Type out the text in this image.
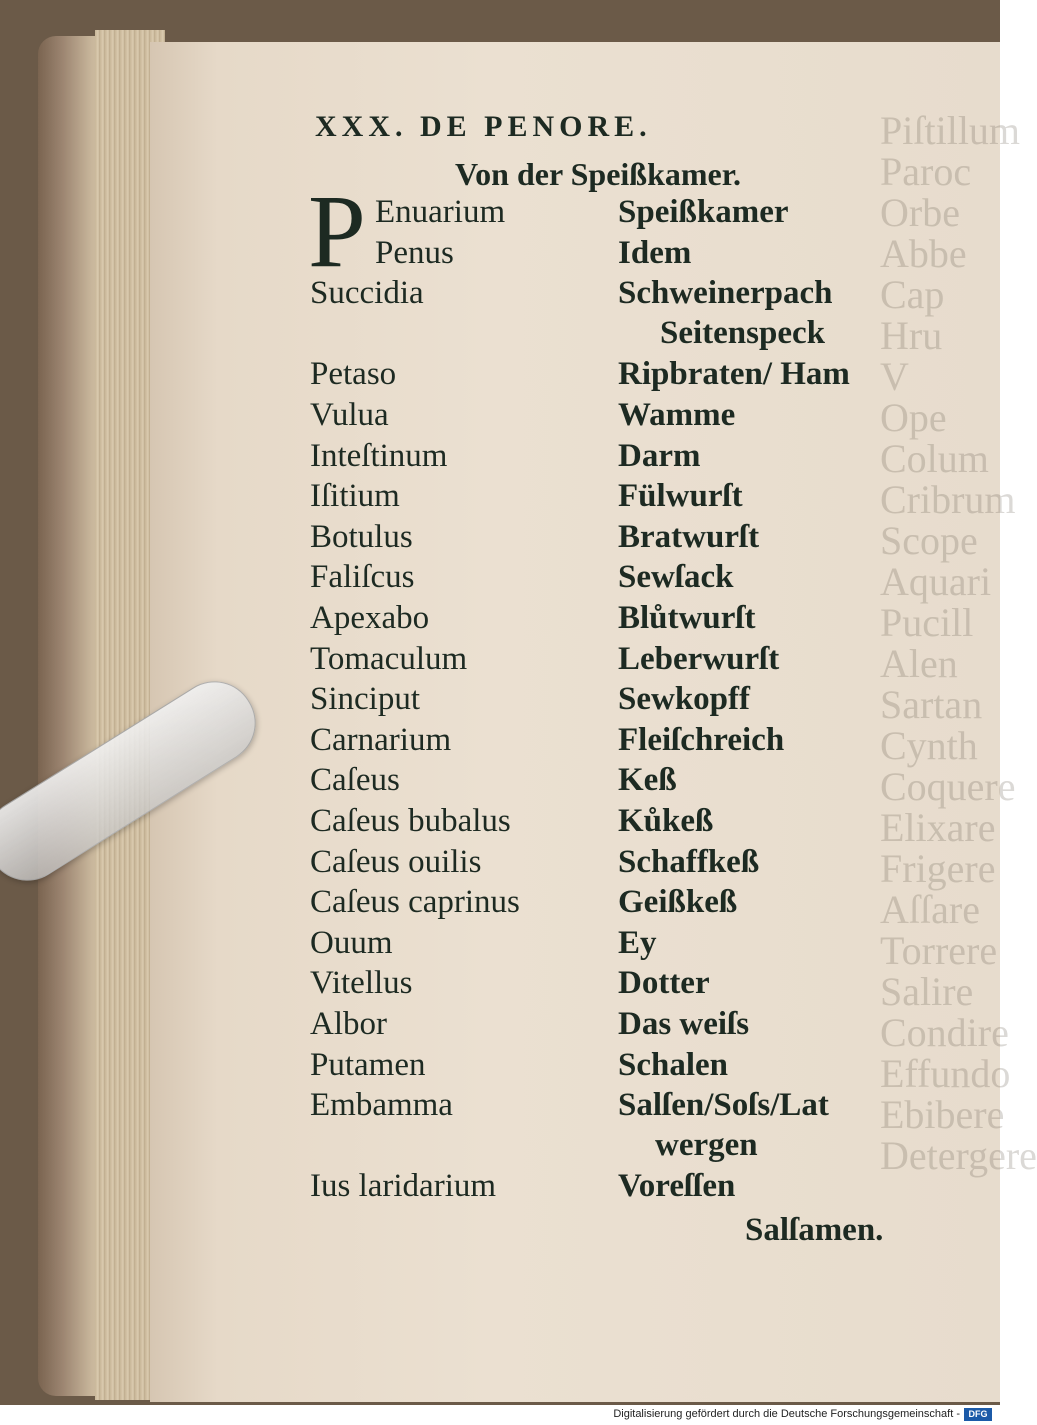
Piſtillum
Paroc
Orbe
Abbe
Cap
Hru
V
Ope
Colum
Cribrum
Scope
Aquari
Pucill
Alen
Sartan
Cynth
Coquere
Elixare
Frigere
Aſſare
Torrere
Salire
Condire
Effundo
Ebibere
Detergere
XXX. DE PENORE.
Von der Speißkamer.
P Enuarium	Speißkamer
Penus	Idem
Succidia	Schweinerpach
Seitenspeck
Petaso	Ripbraten/ Ham
Vulua	Wamme
Inteſtinum	Darm
Iſitium	Fülwurſt
Botulus	Bratwurſt
Faliſcus	Sewſack
Apexabo	Blůtwurſt
Tomaculum	Leberwurſt
Sinciput	Sewkopff
Carnarium	Fleiſchreich
Caſeus	Keß
Caſeus bubalus	Kůkeß
Caſeus ouilis	Schaffkeß
Caſeus caprinus	Geißkeß
Ouum	Ey
Vitellus	Dotter
Albor	Das weiſs
Putamen	Schalen
Embamma	Salſen/Soſs/Lat
wergen
Ius laridarium	Voreſſen
Salſamen.
Digitalisierung gefördert durch die Deutsche Forschungsgemeinschaft - DFG
